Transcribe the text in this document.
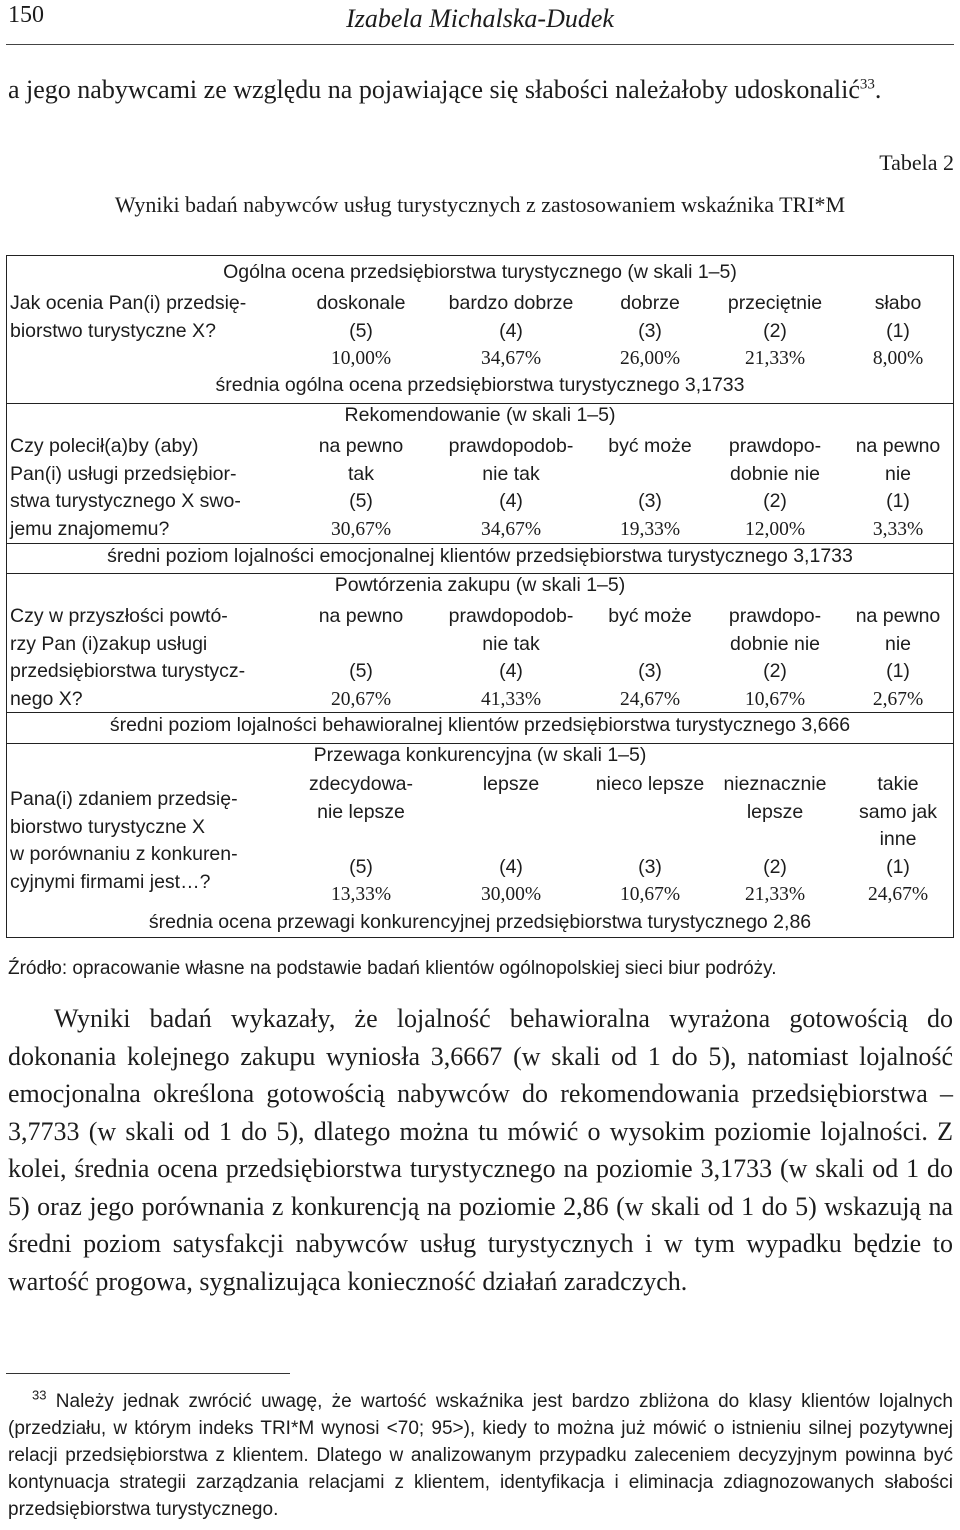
150	Izabela Michalska-Dudek

a jego nabywcami ze względu na pojawiające się słabości należałoby udoskonalić$^{33}$.

Tabela 2
Wyniki badań nabywców usług turystycznych z zastosowaniem wskaźnika TRI*M
Ogólna ocena przedsiębiorstwa turystycznego (w skali 1–5)
Jak ocenia Pan(i) przedsię-
biorstwo turystyczne X?
doskonale
(5)
10,00%
bardzo dobrze
(4)
34,67%
dobrze
(3)
26,00%
przeciętnie
(2)
21,33%
słabo
(1)
8,00%
średnia ogólna ocena przedsiębiorstwa turystycznego 3,1733
Rekomendowanie (w skali 1–5)
Czy polecił(a)by (aby)
Pan(i) usługi przedsiębior-
stwa turystycznego X swo-
jemu znajomemu?
na pewno
tak
(5)
30,67%
prawdopodob-
nie tak
(4)
34,67%
być może
(3)
19,33%
prawdopo-
dobnie nie
(2)
12,00%
na pewno
nie
(1)
3,33%
średni poziom lojalności emocjonalnej klientów przedsiębiorstwa turystycznego 3,1733
Powtórzenia zakupu (w skali 1–5)
Czy w przyszłości powtó-
rzy Pan (i)zakup usługi
przedsiębiorstwa turystycz-
nego X?
na pewno
(5)
20,67%
prawdopodob-
nie tak
(4)
41,33%
być może
(3)
24,67%
prawdopo-
dobnie nie
(2)
10,67%
na pewno
nie
(1)
2,67%
średni poziom lojalności behawioralnej klientów przedsiębiorstwa turystycznego 3,666
Przewaga konkurencyjna (w skali 1–5)
Pana(i) zdaniem przedsię-
biorstwo turystyczne X
w porównaniu z konkuren-
cyjnymi firmami jest…?
zdecydowa-
nie lepsze
(5)
13,33%
lepsze
(4)
30,00%
nieco lepsze
(3)
10,67%
nieznacznie
lepsze
(2)
21,33%
takie
samo jak
inne
(1)
24,67%
średnia ocena przewagi konkurencyjnej przedsiębiorstwa turystycznego 2,86
Źródło: opracowanie własne na podstawie badań klientów ogólnopolskiej sieci biur podróży.

Wyniki badań wykazały, że lojalność behawioralna wyrażona gotowością do dokonania kolejnego zakupu wyniosła 3,6667 (w skali od 1 do 5), natomiast lojalność emocjonalna określona gotowością nabywców do rekomendowania przedsiębiorstwa – 3,7733 (w skali od 1 do 5), dlatego można tu mówić o wysokim poziomie lojalności. Z kolei, średnia ocena przedsiębiorstwa turystycznego na poziomie 3,1733 (w skali od 1 do 5) oraz jego porównania z konkurencją na poziomie 2,86 (w skali od 1 do 5) wskazują na średni poziom satysfakcji nabywców usług turystycznych i w tym wypadku będzie to wartość progowa, sygnalizująca konieczność działań zaradczych.

$^{33}$ Należy jednak zwrócić uwagę, że wartość wskaźnika jest bardzo zbliżona do klasy klientów lojalnych (przedziału, w którym indeks TRI*M wynosi <70; 95>), kiedy to można już mówić o istnieniu silnej pozytywnej relacji przedsiębiorstwa z klientem. Dlatego w analizowanym przypadku zaleceniem decyzyjnym powinna być kontynuacja strategii zarządzania relacjami z klientem, identyfikacja i eliminacja zdiagnozowanych słabości przedsiębiorstwa turystycznego.
